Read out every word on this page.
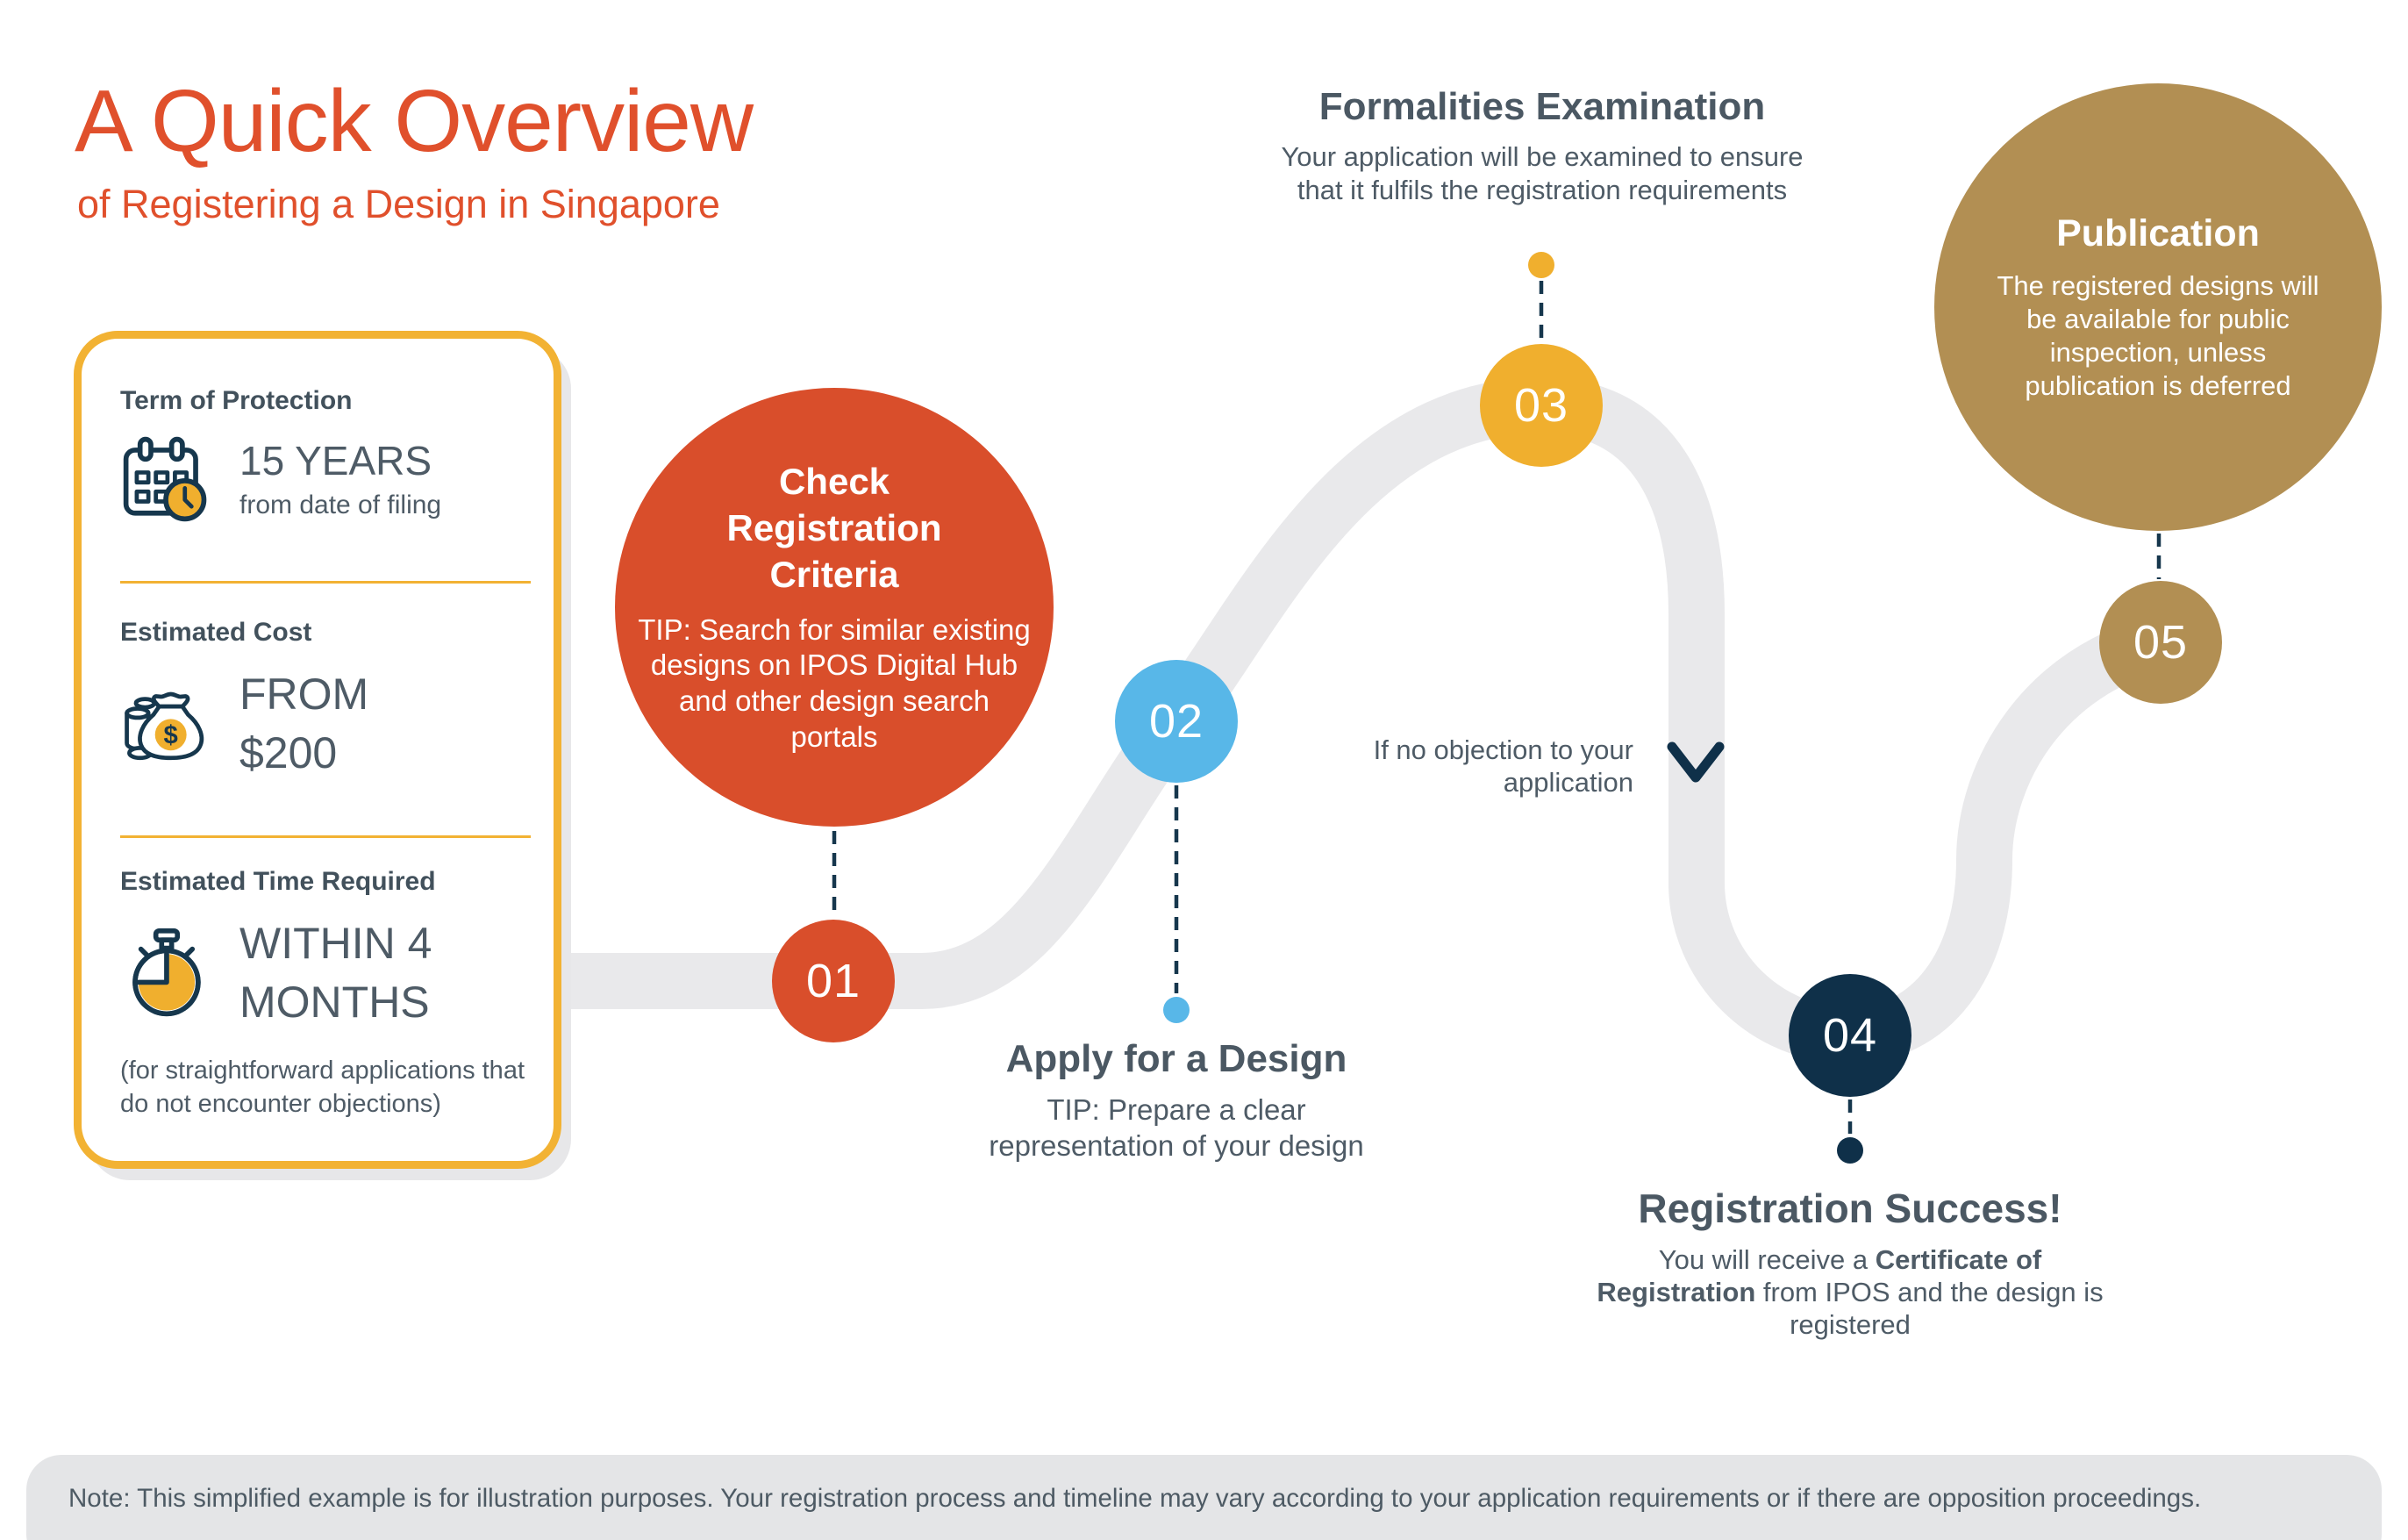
A Quick Overview
of Registering a Design in Singapore
Term of Protection
15 YEARS
from date of filing
Estimated Cost
$
FROM
$200
Estimated Time Required
WITHIN 4
MONTHS
(for straightforward applications that do not encounter objections)

Check Registration Criteria

TIP: Search for similar existing designs on IPOS Digital Hub and other design search portals

Publication

The registered designs will be available for public inspection, unless publication is deferred

01
02
03
04
05
Formalities Examination

Your application will be examined to ensure that it fulfils the registration requirements

Apply for a Design

TIP: Prepare a clear representation of your design

Registration Success!

You will receive a Certificate of Registration from IPOS and the design is registered

If no objection to your application

Note: This simplified example is for illustration purposes. Your registration process and timeline may vary according to your application requirements or if there are opposition proceedings.
